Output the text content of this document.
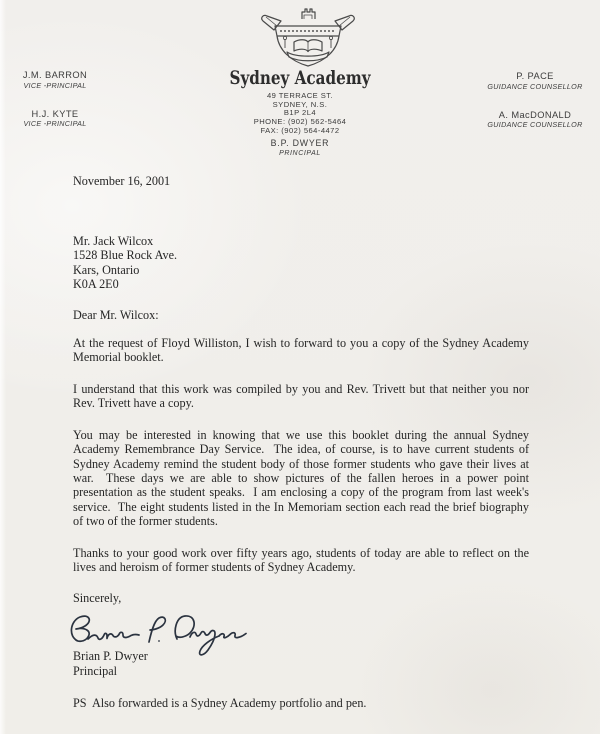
Sydney Academy
49 TERRACE ST.
SYDNEY, N.S.
B1P 2L4
PHONE: (902) 562-5464
FAX: (902) 564-4472
B.P. DWYER
PRINCIPAL
J.M. BARRON
VICE -PRINCIPAL
H.J. KYTE
VICE -PRINCIPAL
P. PACE
GUIDANCE COUNSELLOR
A. MacDONALD
GUIDANCE COUNSELLOR
November 16, 2001
Mr. Jack Wilcox
1528 Blue Rock Ave.
Kars, Ontario
K0A 2E0
Dear Mr. Wilcox:

At the request of Floyd Williston, I wish to forward to you a copy of the Sydney Academy Memorial booklet.

I understand that this work was compiled by you and Rev. Trivett but that neither you nor Rev. Trivett have a copy.

You may be interested in knowing that we use this booklet during the annual Sydney Academy Remembrance Day Service.  The idea, of course, is to have current students of Sydney Academy remind the student body of those former students who gave their lives at war.  These days we are able to show pictures of the fallen heroes in a power point presentation as the student speaks.  I am enclosing a copy of the program from last week's service.  The eight students listed in the In Memoriam section each read the brief biography of two of the former students.

Thanks to your good work over fifty years ago, students of today are able to reflect on the lives and heroism of former students of Sydney Academy.

Sincerely,
Brian P. Dwyer
Principal
PS  Also forwarded is a Sydney Academy portfolio and pen.
